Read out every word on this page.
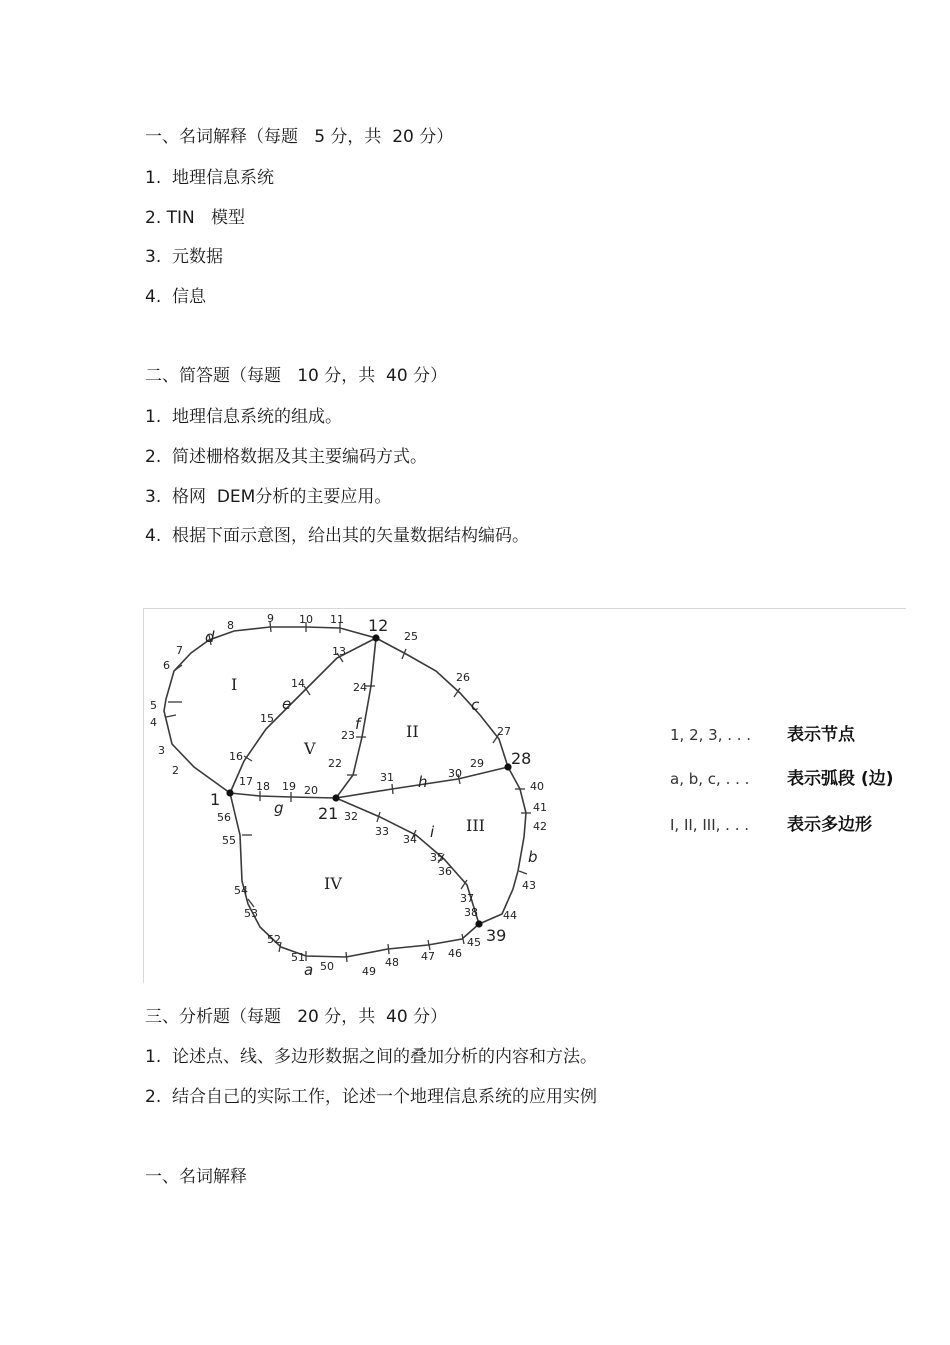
一、名词解释（每题   5 分，共  20 分）
1.  地理信息系统
2. TIN   模型
3.  元数据
4.  信息
二、简答题（每题   10 分，共  40 分）
1.  地理信息系统的组成。
2.  简述栅格数据及其主要编码方式。
3.  格网  DEM分析的主要应用。
4.  根据下面示意图，给出其的矢量数据结构编码。
1
12
21
28
39
a
b
c
d
e
f
g
h
i
I
II
III
IV
V
2
3
4
5
6
7
8
9 10 11
13
14
15
16
17 18 19 20
22
23
24
25
26
27
29
30
31
32
33
34
35
36
37
38
40
41
42
43
44
45
46
47
48
49
50
51
52
53
54
55
56
1, 2, 3, . . . 表示节点
a, b, c, . . . 表示弧段 (边)
I, II, III, . . . 表示多边形
三、分析题（每题   20 分，共  40 分）
1.  论述点、线、多边形数据之间的叠加分析的内容和方法。
2.  结合自己的实际工作，论述一个地理信息系统的应用实例
一、名词解释
